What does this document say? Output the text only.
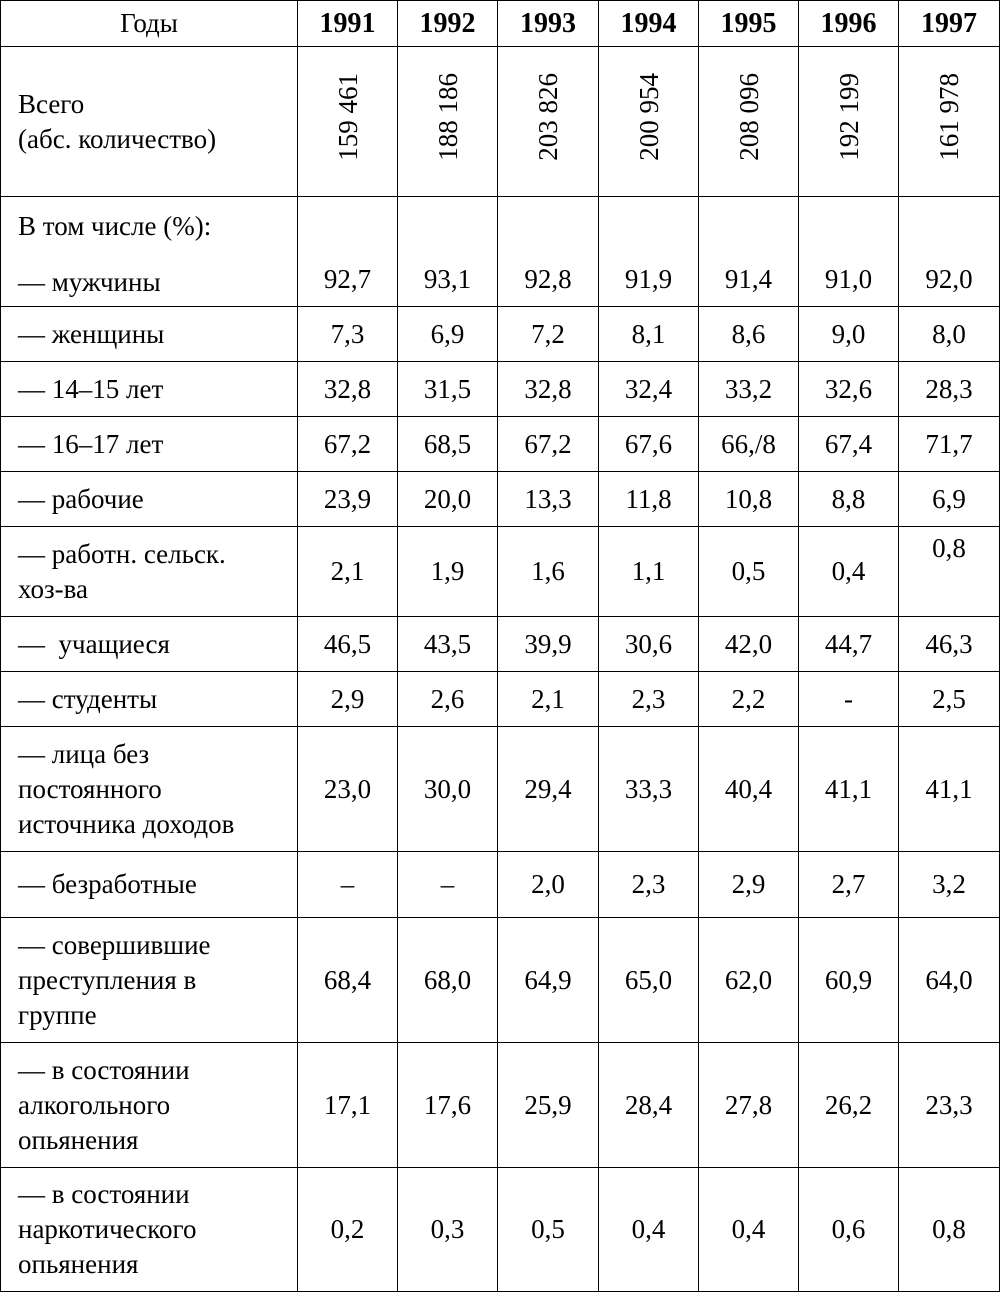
Годы	1991	1992	1993	1994	1995	1996	1997

Всего
(абс. количество)	159 461	188 186	203 826	200 954	208 096	192 199	161 978

В том числе (%):
— мужчины	92,7	93,1	92,8	91,9	91,4	91,0	92,0
— женщины	7,3	6,9	7,2	8,1	8,6	9,0	8,0
— 14–15 лет	32,8	31,5	32,8	32,4	33,2	32,6	28,3
— 16–17 лет	67,2	68,5	67,2	67,6	66,/8	67,4	71,7
— рабочие	23,9	20,0	13,3	11,8	10,8	8,8	6,9

— работн. сельск.
хоз-ва	2,1	1,9	1,6	1,1	0,5	0,4	0,8
—  учащиеся	46,5	43,5	39,9	30,6	42,0	44,7	46,3
— студенты	2,9	2,6	2,1	2,3	2,2	-	2,5

— лица без
постоянного
источника доходов	23,0	30,0	29,4	33,3	40,4	41,1	41,1
— безработные	–	–	2,0	2,3	2,9	2,7	3,2

— совершившие
преступления в
группе	68,4	68,0	64,9	65,0	62,0	60,9	64,0

— в состоянии
алкогольного
опьянения	17,1	17,6	25,9	28,4	27,8	26,2	23,3

— в состоянии
наркотического
опьянения	0,2	0,3	0,5	0,4	0,4	0,6	0,8
